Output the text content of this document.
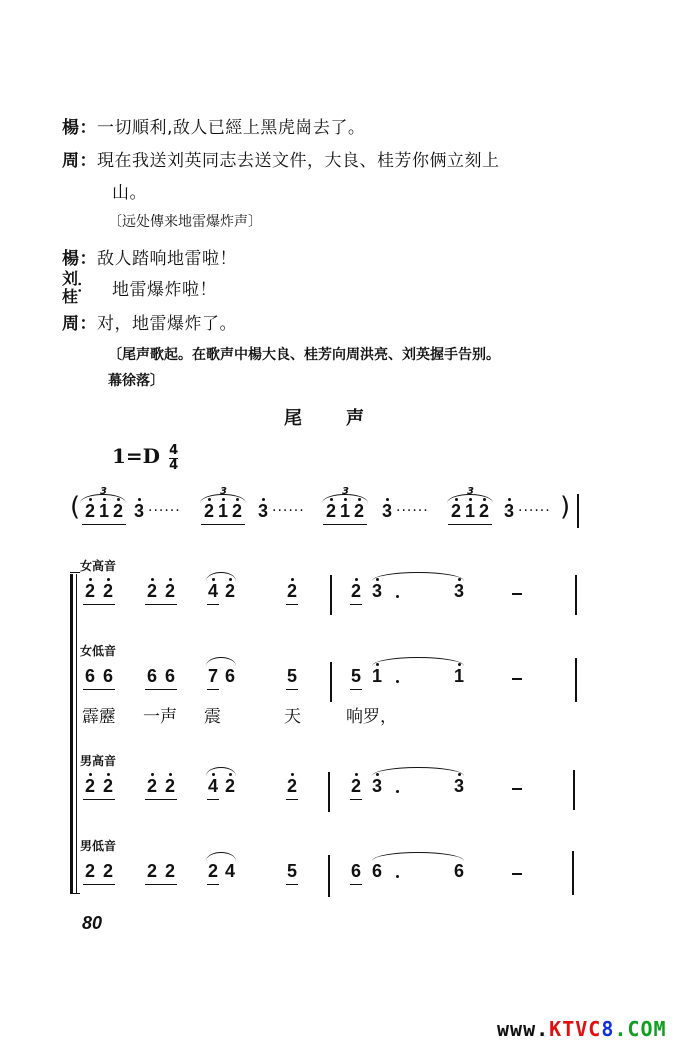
楊：一切順利,敌人已經上黑虎崗去了。
周：現在我送刘英同志去送文件，大良、桂芳你俩立刻上
山。
〔远处傳来地雷爆炸声〕
楊：敌人踏响地雷啦！
刘
桂
： 地雷爆炸啦！
周：对，地雷爆炸了。
〔尾声歌起。在歌声中楊大良、桂芳向周洪亮、刘英握手告别。
幕徐落〕
尾声
$1=D \frac{4}{4}$
(
3
2 1 2 3 ······
3
2 1 2 3 ······
3
2 1 2 3 ······
3
2 1 2 3 ······ )
女高音
2 2 2 2 4 2	2	2 3	3
女低音
6 6 6 6 7 6	5	5 1	1
霹靂 一声 震	天	响罗，
男高音
2 2 2 2 4 2	2	2 3	3
男低音
2 2 2 2 2 4	5	6 6	6
80
www.KTVC8.COM
